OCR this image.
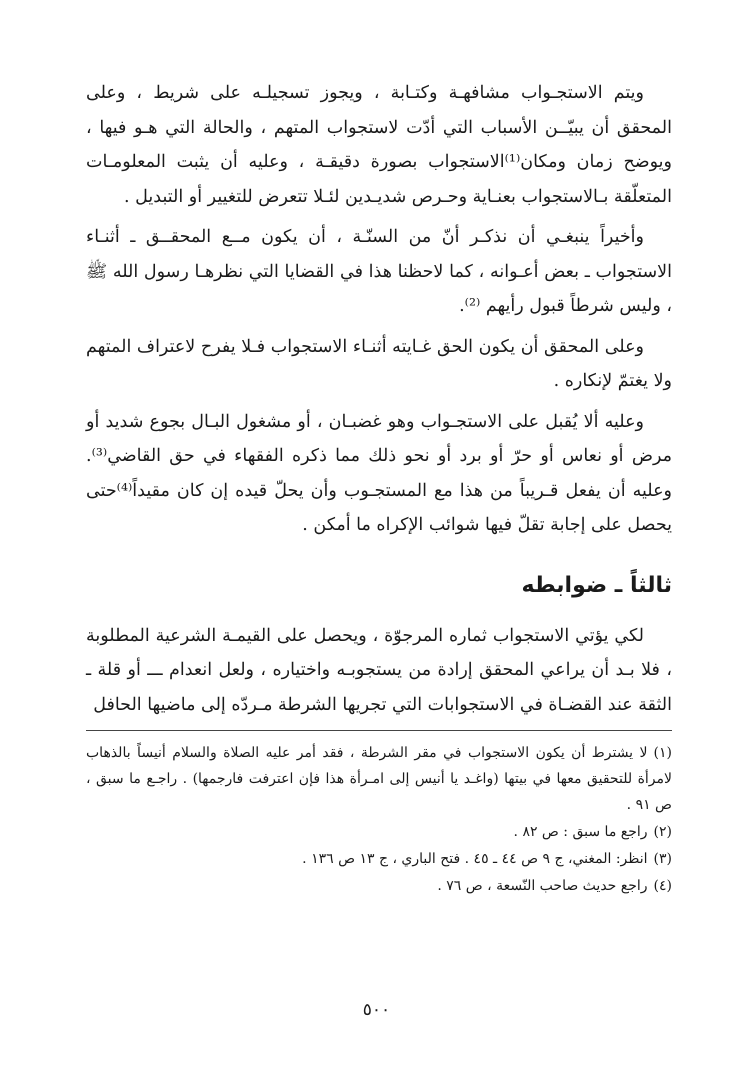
ويتم الاستجـواب مشافهـة وكتـابة ، ويجوز تسجيلـه على شريط ، وعلى المحقق أن يبيّــن الأسباب التي أدّت لاستجواب المتهم ، والحالة التي هـو فيها ، ويوضح زمان ومكان⁽¹⁾الاستجواب بصورة دقيقـة ، وعليه أن يثبت المعلومـات المتعلّقة بـالاستجواب بعنـاية وحـرص شديـدين لئـلا تتعرض للتغيير أو التبديل .

وأخيراً ينبغـي أن نذكـر أنّ من السنّـة ، أن يكون مــع المحقــق ـ أثنـاء الاستجواب ـ بعض أعـوانه ، كما لاحظنا هذا في القضايا التي نظرهـا رسول الله ﷺ ، وليس شرطاً قبول رأيهم ⁽²⁾.

وعلى المحقق أن يكون الحق غـايته أثنـاء الاستجواب فـلا يفرح لاعتراف المتهم ولا يغتمّ لإنكاره .

وعليه ألا يُقبل على الاستجـواب وهو غضبـان ، أو مشغول البـال بجوع شديد أو مرض أو نعاس أو حرّ أو برد أو نحو ذلك مما ذكره الفقهاء في حق القاضي⁽³⁾. وعليه أن يفعل قـريباً من هذا مع المستجـوب وأن يحلّ قيده إن كان مقيداً⁽⁴⁾حتى يحصل على إجابة تقلّ فيها شوائب الإكراه ما أمكن .

ثالثاً ـ ضوابطه

لكي يؤتي الاستجواب ثماره المرجوّة ، ويحصل على القيمـة الشرعية المطلوبة ، فلا بـد أن يراعي المحقق إرادة من يستجوبـه واختياره ، ولعل انعدام ـــ أو قلة ـ الثقة عند القضـاة في الاستجوابات التي تجريها الشرطة مـردّه إلى ماضيها الحافل

(١)لا يشترط أن يكون الاستجواب في مقر الشرطة ، فقد أمر عليه الصلاة والسلام أنيساً بالذهاب لامرأة للتحقيق معها في بيتها (واغـد يا أنيس إلى امـرأة هذا فإن اعترفت فارجمها) . راجـع ما سبق ، ص ٩١ .

(٢)راجع ما سبق : ص ٨٢ .

(٣)انظر: المغني، ج ٩ ص ٤٤ ـ ٤٥ . فتح الباري ، ج ١٣ ص ١٣٦ .

(٤)راجع حديث صاحب النّسعة ، ص ٧٦ .

٥٠٠
